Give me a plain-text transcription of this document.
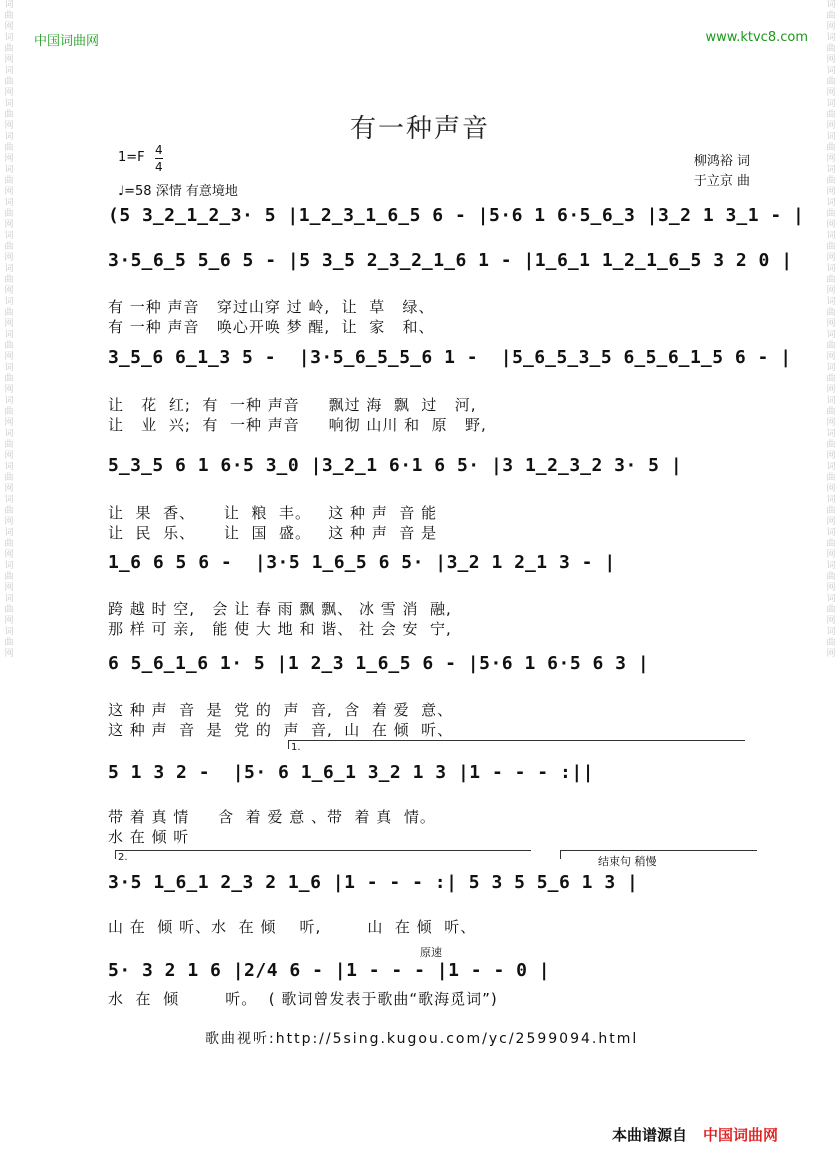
词曲网词曲网词曲网词曲网词曲网词曲网词曲网词曲网词曲网词曲网词曲网词曲网词曲网词曲网词曲网词曲网词曲网词曲网词曲网词曲网
词曲网词曲网词曲网词曲网词曲网词曲网词曲网词曲网词曲网词曲网词曲网词曲网词曲网词曲网词曲网词曲网词曲网词曲网词曲网词曲网
中国词曲网	www.ktvc8.com
有一种声音
1=F 4
4
♩=58 深情 有意境地
柳鸿裕 词
于立京 曲
(5 3̲2̲1̲2̲3· 5 |1̲2̲3̲1̲6̲5 6 - |5·6 1 6·5̲6̲3 |3̲2 1 3̲1 - |
3·5̲6̲5 5̲6 5 - |5 3̲5 2̲3̲2̲1̲6 1 - |1̲6̲1 1̲2̲1̲6̲5 3 2 0 |
有 一种 声音   穿过山穿 过 岭,  让  草   绿、
有 一种 声音   唤心开唤 梦 醒,  让  家   和、
3̲5̲6 6̲1̲3 5 -  |3·5̲6̲5̲5̲6 1 -  |5̲6̲5̲3̲5 6̲5̲6̲1̲5 6 - |
让   花  红;  有  一种 声音     飘过 海  飘  过   河,
让   业  兴;  有  一种 声音     响彻 山川 和  原   野,
5̲3̲5 6 1 6·5 3̲0 |3̲2̲1 6·1 6 5· |3 1̲2̲3̲2 3· 5 |
让  果  香、     让  粮  丰。   这 种 声  音 能
让  民  乐、     让  国  盛。   这 种 声  音 是
1̲6 6 5 6 -  |3·5 1̲6̲5 6 5· |3̲2 1 2̲1 3 - |
跨 越 时 空,   会 让 春 雨 飘 飘、 冰 雪 消  融,
那 样 可 亲,   能 使 大 地 和 谐、 社 会 安  宁,
6 5̲6̲1̲6 1· 5 |1 2̲3 1̲6̲5 6 - |5·6 1 6·5 6 3 |
这 种 声  音  是  党 的  声  音,  含  着 爱  意、
这 种 声  音  是  党 的  声  音,  山  在 倾  听、
1.
5 1 3 2 -  |5· 6 1̲6̲1 3̲2 1 3 |1 - - - :||
带 着 真 情     含  着 爱 意 、带  着 真  情。
水 在 倾 听
2.	结束句 稍慢
3·5 1̲6̲1 2̲3 2 1̲6 |1 - - - :| 5 3 5 5̲6 1 3 |
山 在  倾 听、水  在 倾    听,        山  在 倾  听、
原速
5· 3 2 1 6 |2/4 6 - |1 - - - |1 - - 0 |
水  在  倾        听。  ( 歌词曾发表于歌曲“歌海觅词”)
歌曲视听:http://5sing.kugou.com/yc/2599094.html
本曲谱源自 中国词曲网
